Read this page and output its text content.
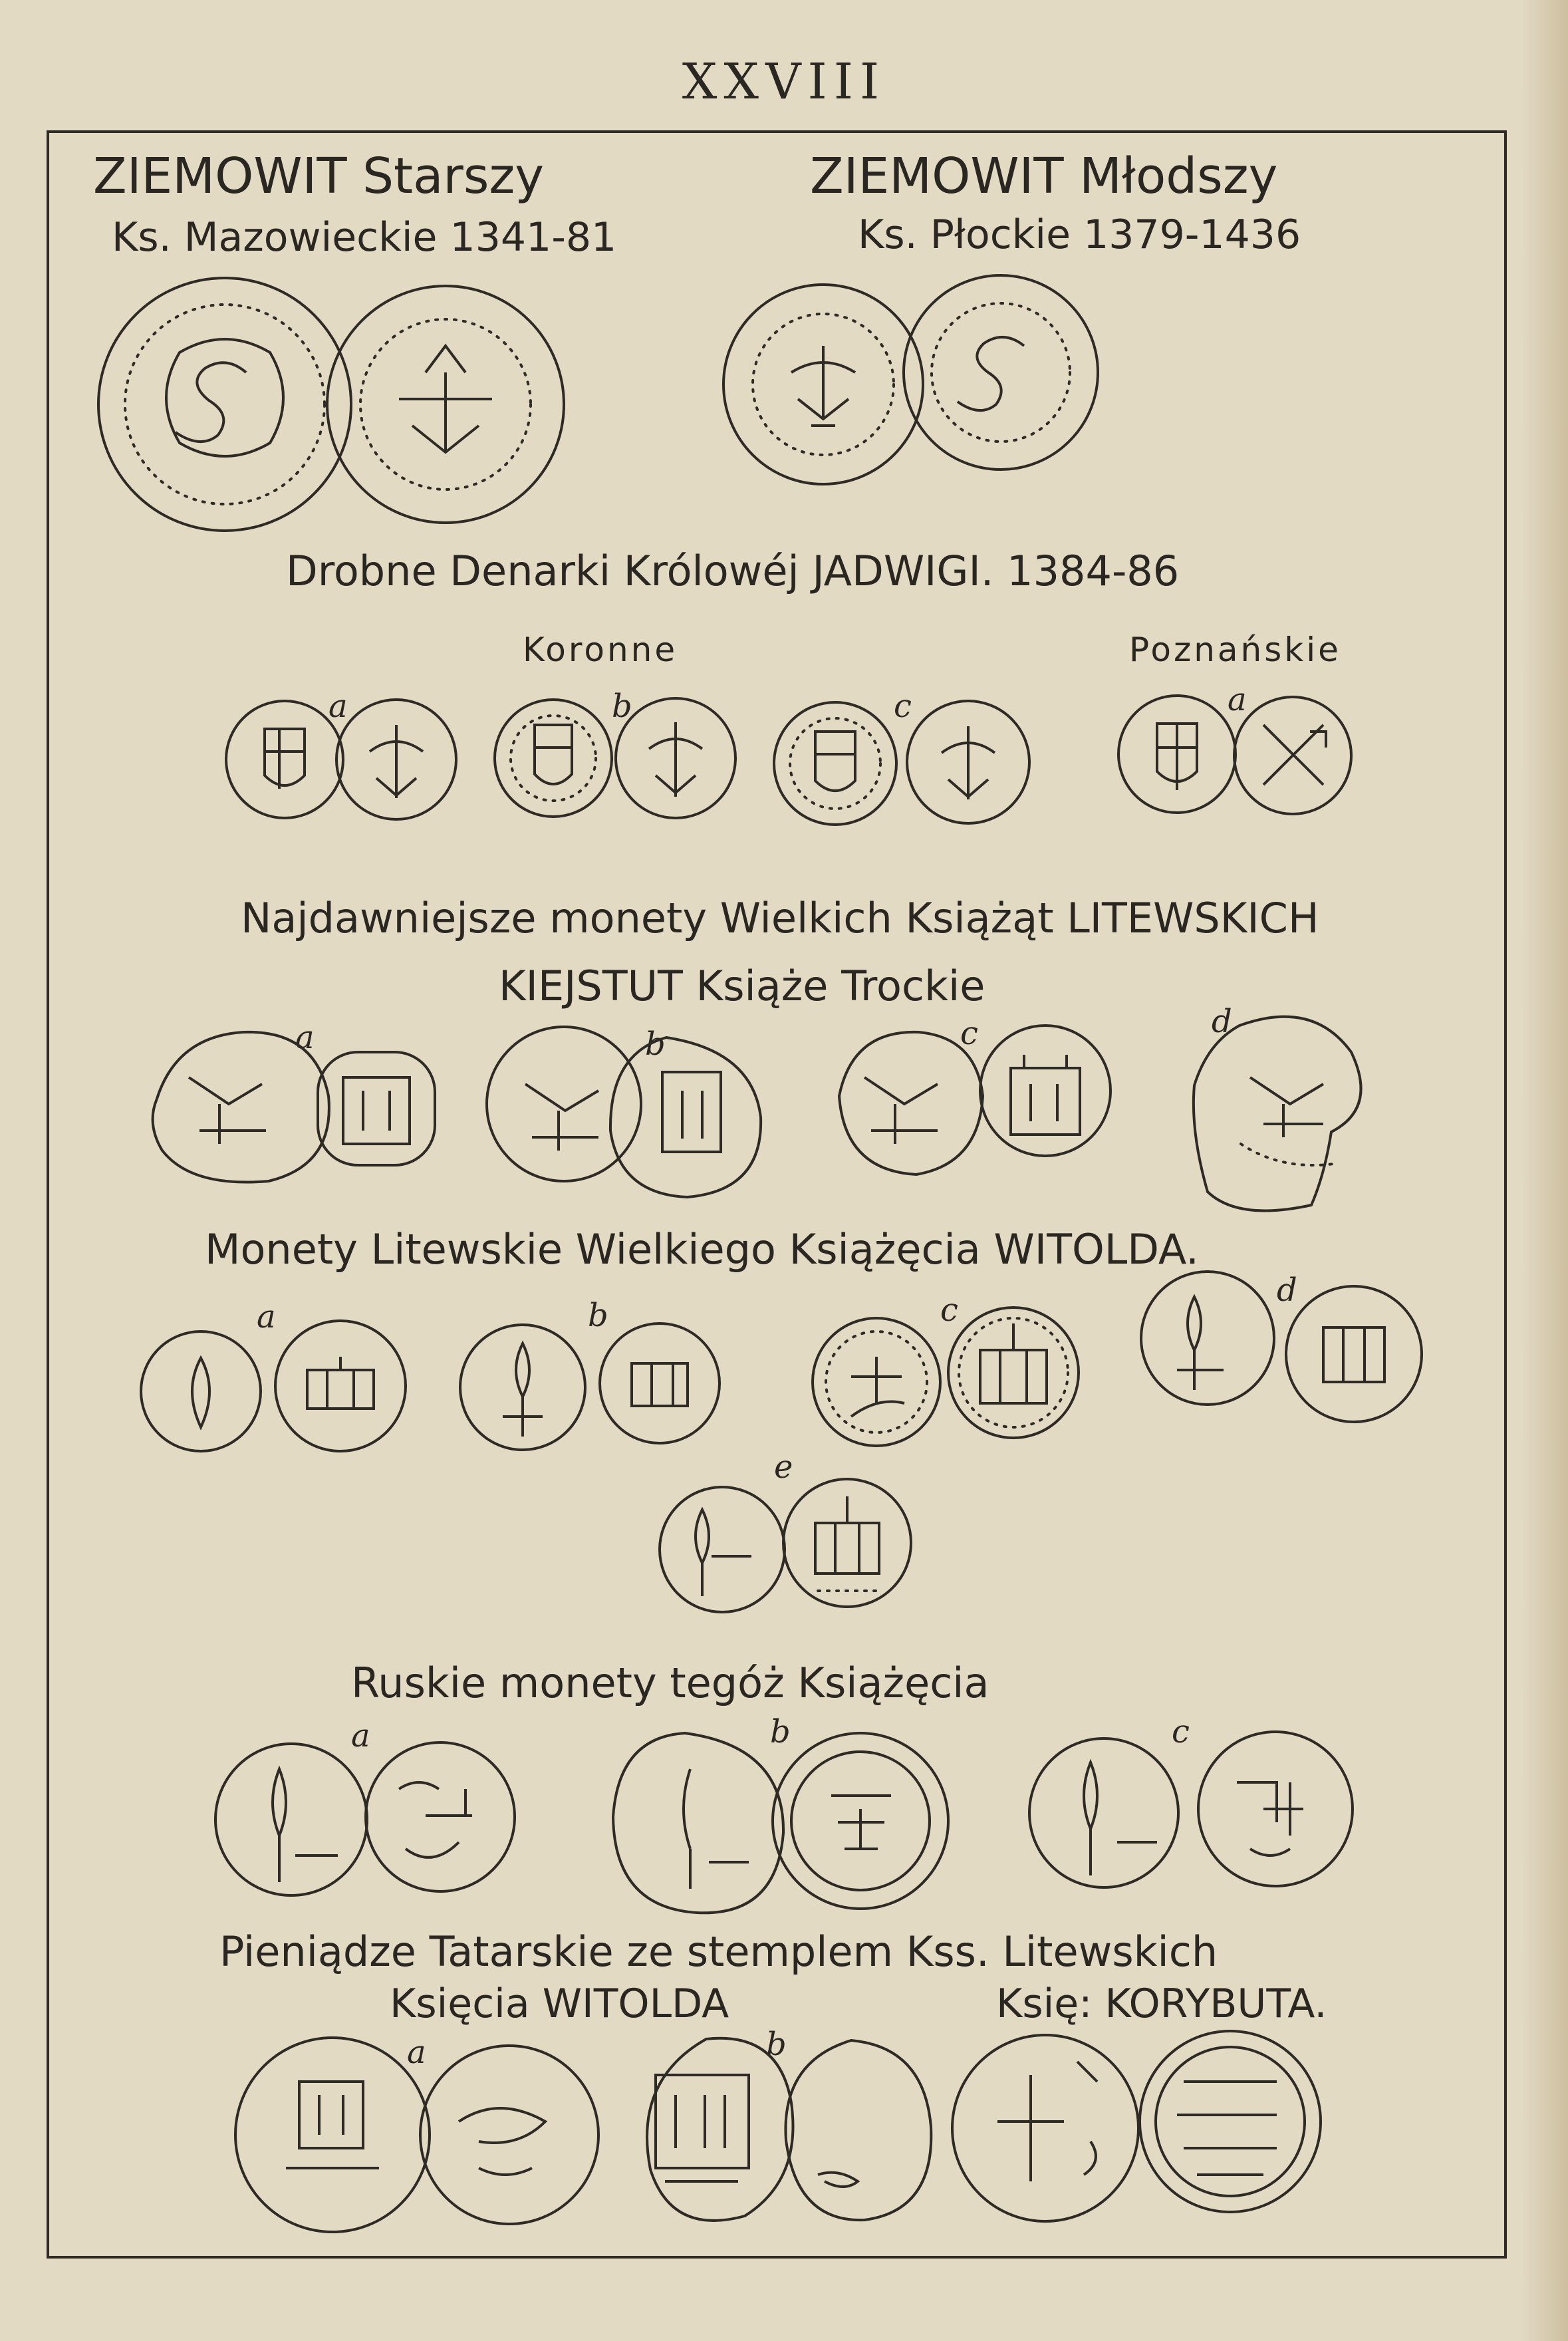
XXVIII
ZIEMOWIT Starszy
Ks. Mazowieckie 1341-81
ZIEMOWIT Młodszy
Ks. Płockie 1379-1436
Drobne Denarki Królowéj JADWIGI. 1384-86
Koronne	Poznańskie
Najdawniejsze monety Wielkich Książąt LITEWSKICH
KIEJSTUT Książe Trockie
Monety Litewskie Wielkiego Książęcia WITOLDA.
Ruskie monety tegóż Książęcia
Pieniądze Tatarskie ze stemplem Kss. Litewskich
Księcia WITOLDA	Księ: KORYBUTA.
a	b	c	a
a	b	c	d
a	b	c
d
e
a	b	c
a	b
